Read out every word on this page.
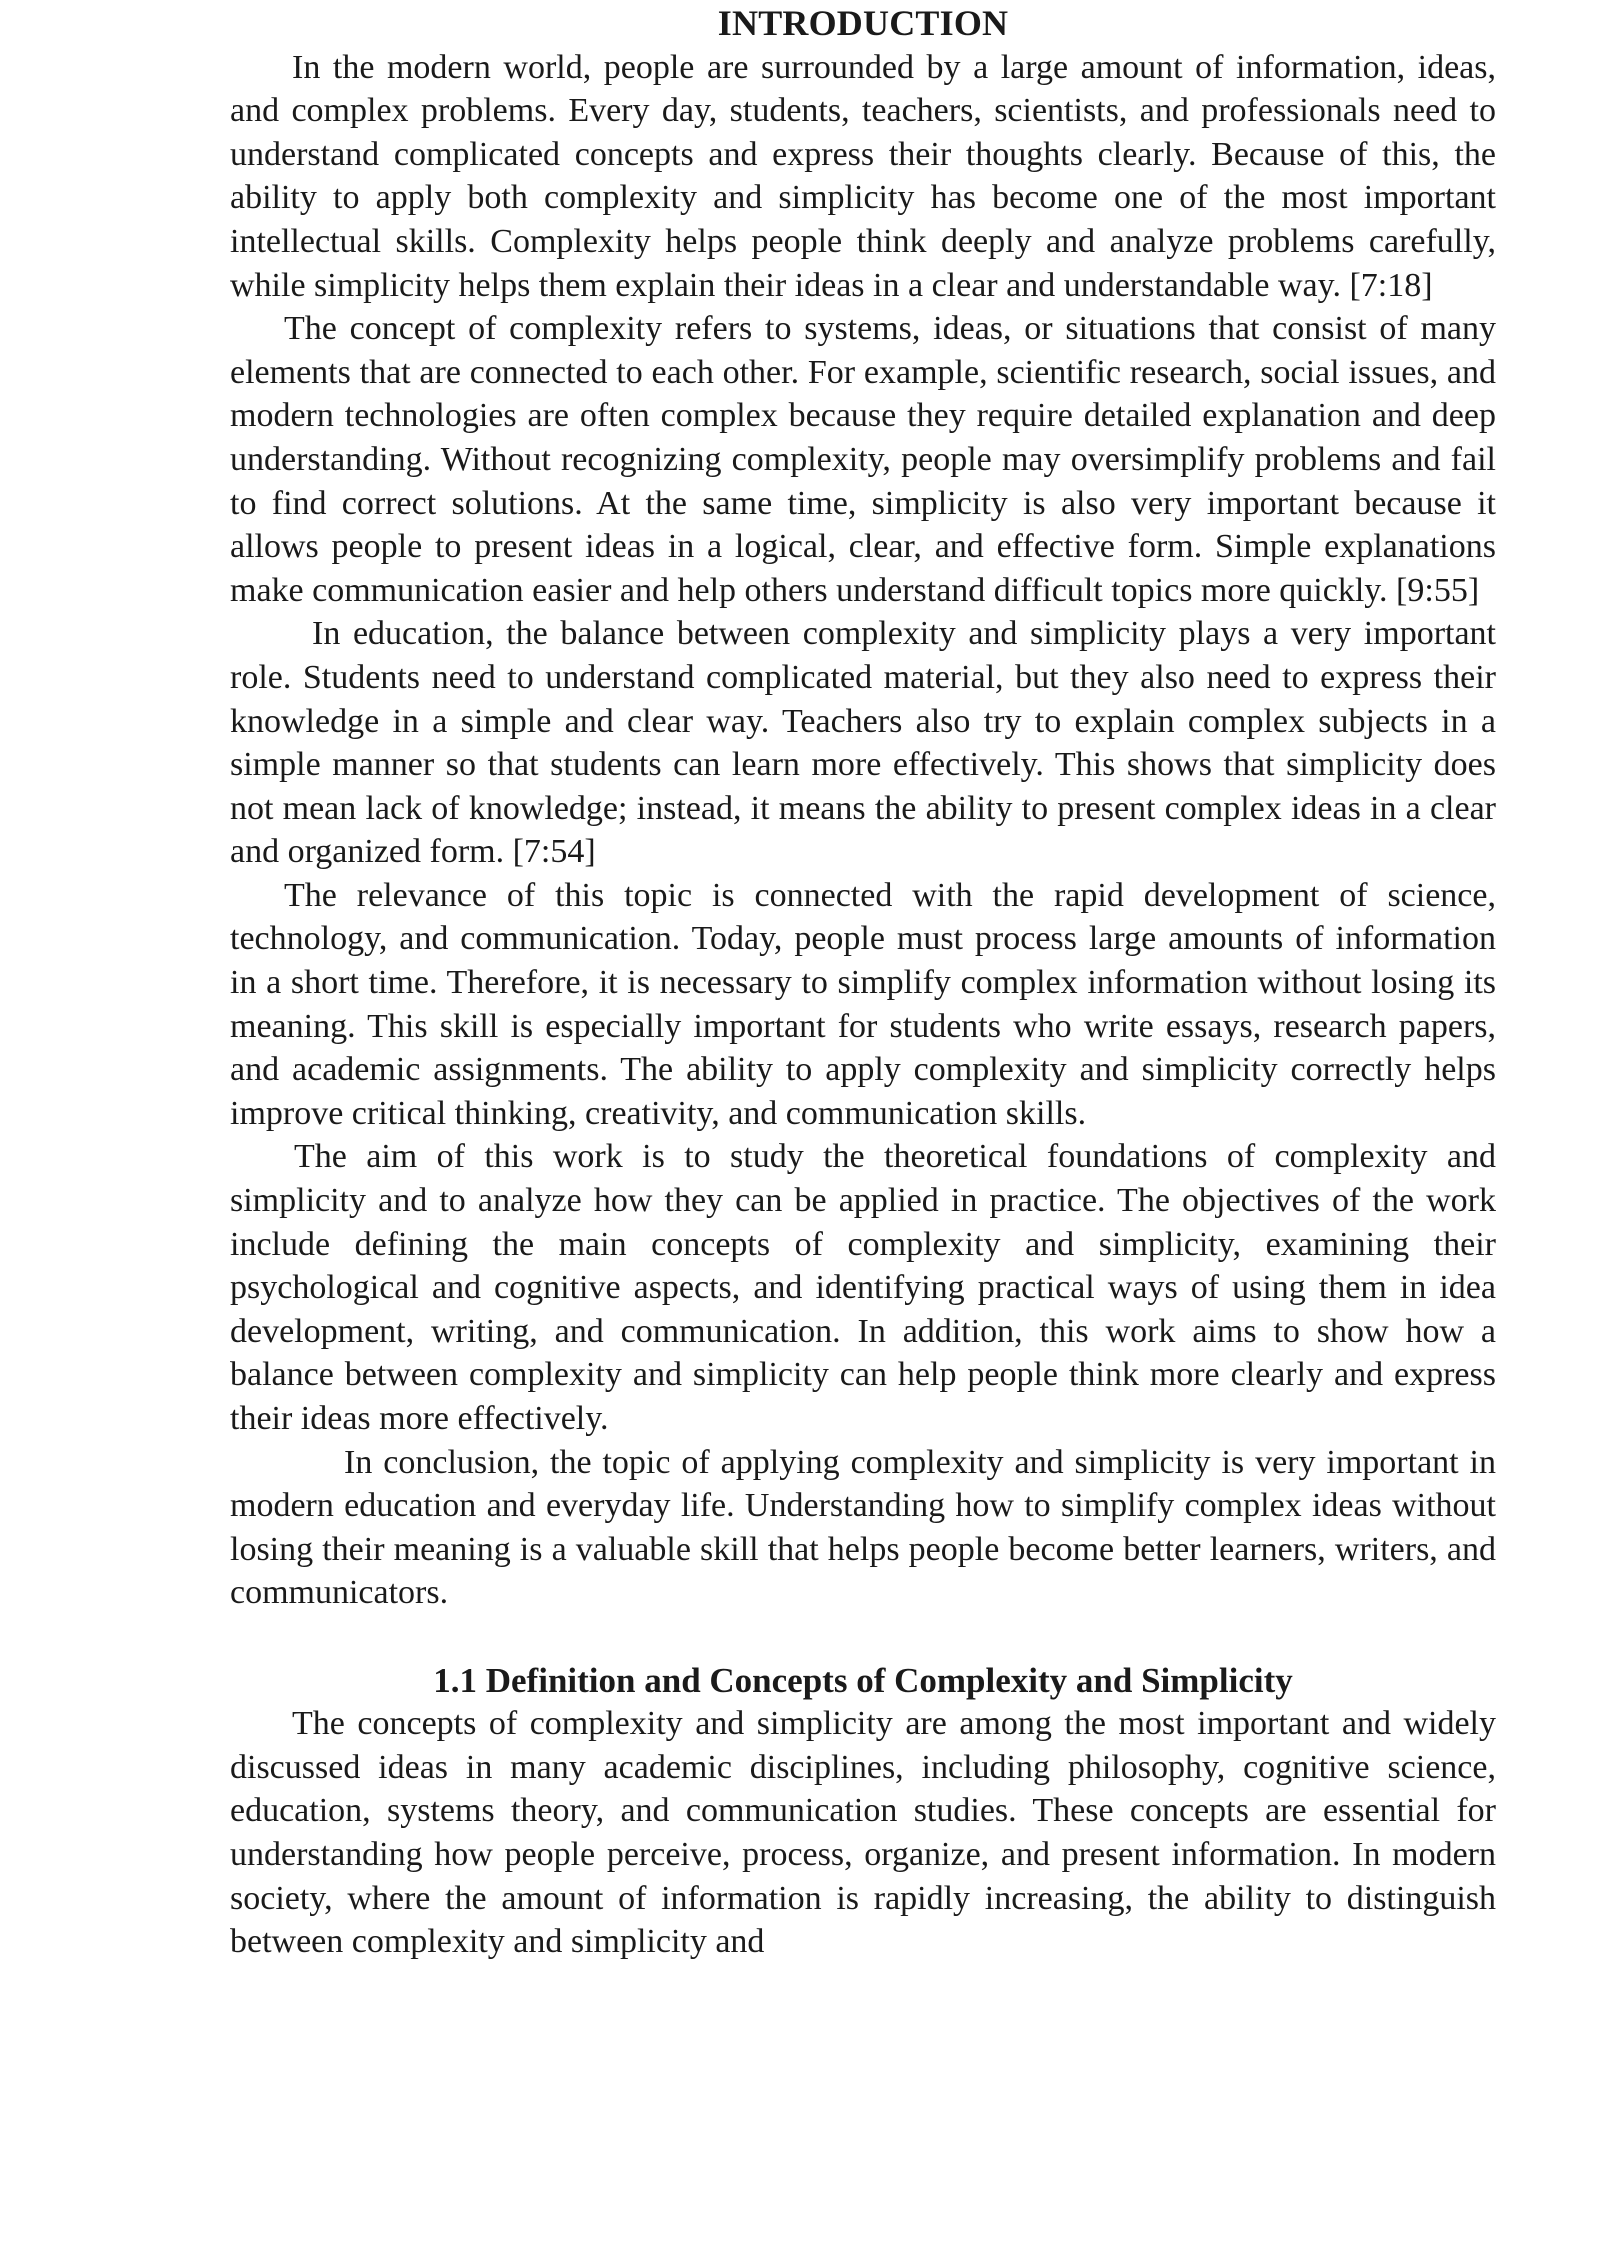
INTRODUCTION

In the modern world, people are surrounded by a large amount of information, ideas, and complex problems. Every day, students, teachers, scientists, and professionals need to understand complicated concepts and express their thoughts clearly. Because of this, the ability to apply both complexity and simplicity has become one of the most important intellectual skills. Complexity helps people think deeply and analyze problems carefully, while simplicity helps them explain their ideas in a clear and understandable way. [7:18]

The concept of complexity refers to systems, ideas, or situations that consist of many elements that are connected to each other. For example, scientific research, social issues, and modern technologies are often complex because they require detailed explanation and deep understanding. Without recognizing complexity, people may oversimplify problems and fail to find correct solutions. At the same time, simplicity is also very important because it allows people to present ideas in a logical, clear, and effective form. Simple explanations make communication easier and help others understand difficult topics more quickly. [9:55]

In education, the balance between complexity and simplicity plays a very important role. Students need to understand complicated material, but they also need to express their knowledge in a simple and clear way. Teachers also try to explain complex subjects in a simple manner so that students can learn more effectively. This shows that simplicity does not mean lack of knowledge; instead, it means the ability to present complex ideas in a clear and organized form. [7:54]

The relevance of this topic is connected with the rapid development of science, technology, and communication. Today, people must process large amounts of information in a short time. Therefore, it is necessary to simplify complex information without losing its meaning. This skill is especially important for students who write essays, research papers, and academic assignments. The ability to apply complexity and simplicity correctly helps improve critical thinking, creativity, and communication skills.

The aim of this work is to study the theoretical foundations of complexity and simplicity and to analyze how they can be applied in practice. The objectives of the work include defining the main concepts of complexity and simplicity, examining their psychological and cognitive aspects, and identifying practical ways of using them in idea development, writing, and communication. In addition, this work aims to show how a balance between complexity and simplicity can help people think more clearly and express their ideas more effectively.

In conclusion, the topic of applying complexity and simplicity is very important in modern education and everyday life. Understanding how to simplify complex ideas without losing their meaning is a valuable skill that helps people become better learners, writers, and communicators.

1.1 Definition and Concepts of Complexity and Simplicity

The concepts of complexity and simplicity are among the most important and widely discussed ideas in many academic disciplines, including philosophy, cognitive science, education, systems theory, and communication studies. These concepts are essential for understanding how people perceive, process, organize, and present information. In modern society, where the amount of information is rapidly increasing, the ability to distinguish between complexity and simplicity and
